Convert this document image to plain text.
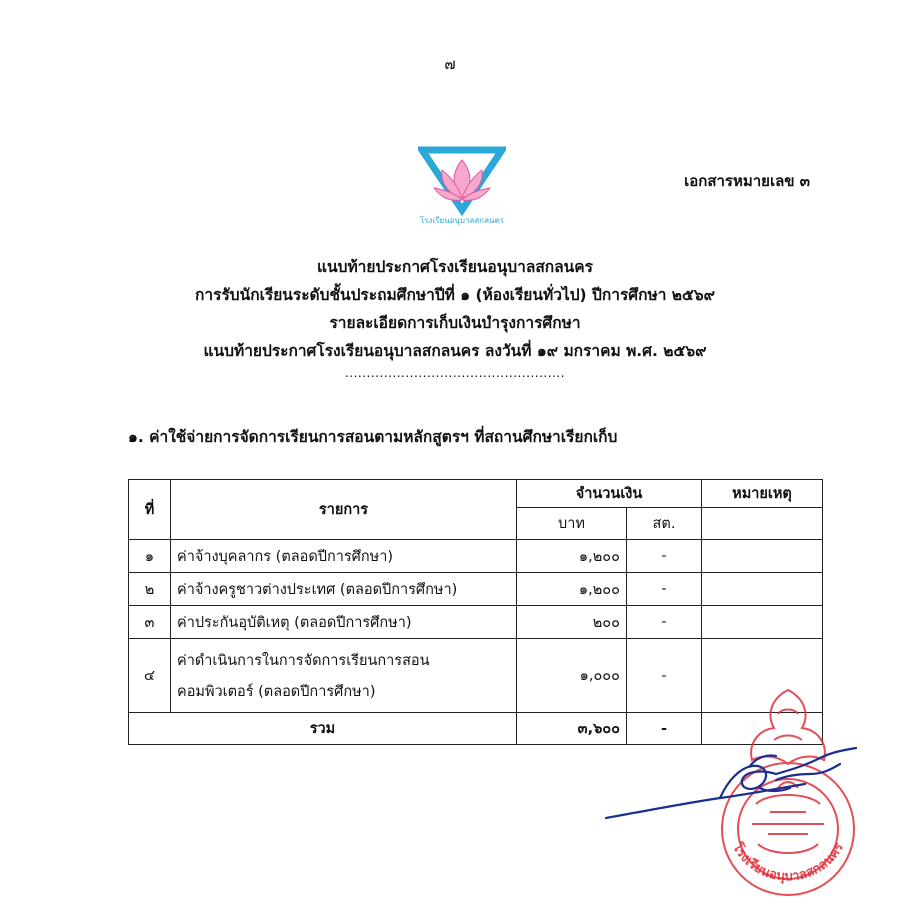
๗
โรงเรียนอนุบาลสกลนคร
เอกสารหมายเลข ๓
แนบท้ายประกาศโรงเรียนอนุบาลสกลนคร
การรับนักเรียนระดับชั้นประถมศึกษาปีที่ ๑ (ห้องเรียนทั่วไป) ปีการศึกษา ๒๕๖๙
รายละเอียดการเก็บเงินบำรุงการศึกษา
แนบท้ายประกาศโรงเรียนอนุบาลสกลนคร ลงวันที่ ๑๙ มกราคม พ.ศ. ๒๕๖๙
...................................................
๑. ค่าใช้จ่ายการจัดการเรียนการสอนตามหลักสูตรฯ ที่สถานศึกษาเรียกเก็บ
ที่	รายการ	จำนวนเงิน		หมายเหตุ
		บาท	สต.	
๑	ค่าจ้างบุคลากร (ตลอดปีการศึกษา)	๑,๒๐๐	-	
๒	ค่าจ้างครูชาวต่างประเทศ (ตลอดปีการศึกษา)	๑,๒๐๐	-	
๓	ค่าประกันอุบัติเหตุ (ตลอดปีการศึกษา)	๒๐๐	-	
๔	ค่าดำเนินการในการจัดการเรียนการสอน
คอมพิวเตอร์ (ตลอดปีการศึกษา)	๑,๐๐๐	-	
รวม		๓,๖๐๐	-	
โรงเรียนอนุบาลสกลนคร
